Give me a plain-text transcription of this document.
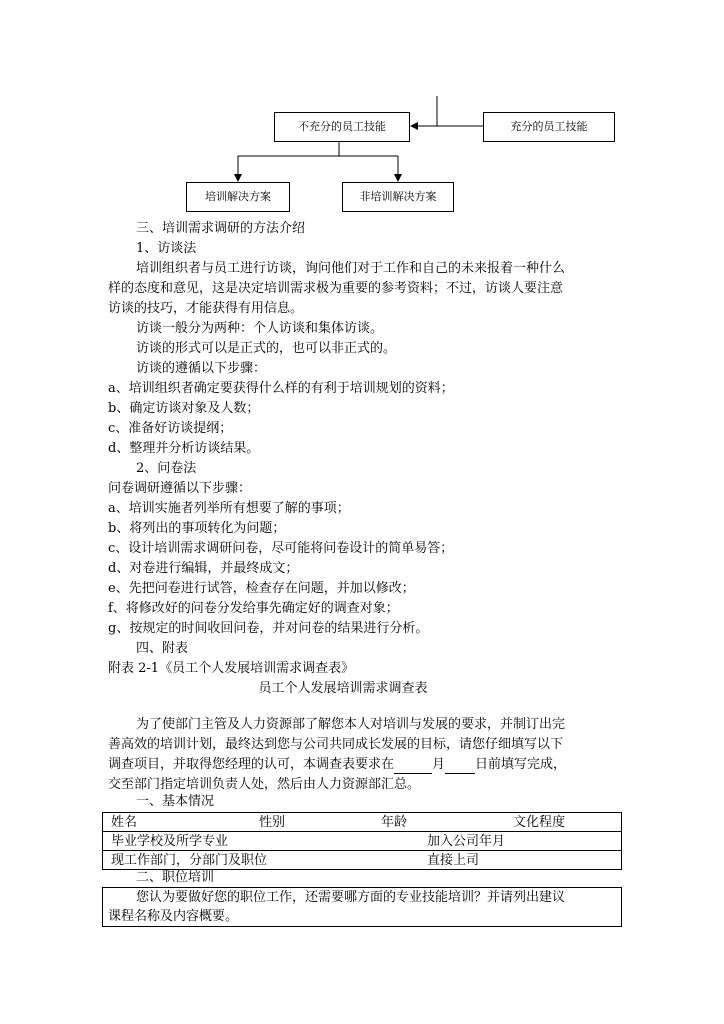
不充分的员工技能	充分的员工技能
培训解决方案	非培训解决方案
三、培训需求调研的方法介绍
1、访谈法
培训组织者与员工进行访谈，询问他们对于工作和自己的未来报着一种什么
样的态度和意见，这是决定培训需求极为重要的参考资料；不过，访谈人要注意
访谈的技巧，才能获得有用信息。
访谈一般分为两种：个人访谈和集体访谈。
访谈的形式可以是正式的，也可以非正式的。
访谈的遵循以下步骤：
a、培训组织者确定要获得什么样的有利于培训规划的资料；
b、确定访谈对象及人数；
c、准备好访谈提纲；
d、整理并分析访谈结果。
2、问卷法
问卷调研遵循以下步骤：
a、培训实施者列举所有想要了解的事项；
b、将列出的事项转化为问题；
c、设计培训需求调研问卷，尽可能将问卷设计的简单易答；
d、对卷进行编辑，并最终成文；
e、先把问卷进行试答，检查存在问题，并加以修改；
f、将修改好的问卷分发给事先确定好的调查对象；
g、按规定的时间收回问卷，并对问卷的结果进行分析。
四、附表
附表 2-1《员工个人发展培训需求调查表》
员工个人发展培训需求调查表
为了使部门主管及人力资源部了解您本人对培训与发展的要求，并制订出完
善高效的培训计划，最终达到您与公司共同成长发展的目标，请您仔细填写以下
调查项目，并取得您经理的认可，本调查表要求在	月 日前填写完成，
交至部门指定培训负责人处，然后由人力资源部汇总。
一、基本情况
姓名	性别	年龄	文化程度
毕业学校及所学专业	加入公司年月
现工作部门，分部门及职位	直接上司
二、职位培训
您认为要做好您的职位工作，还需要哪方面的专业技能培训？并请列出建议
课程名称及内容概要。
